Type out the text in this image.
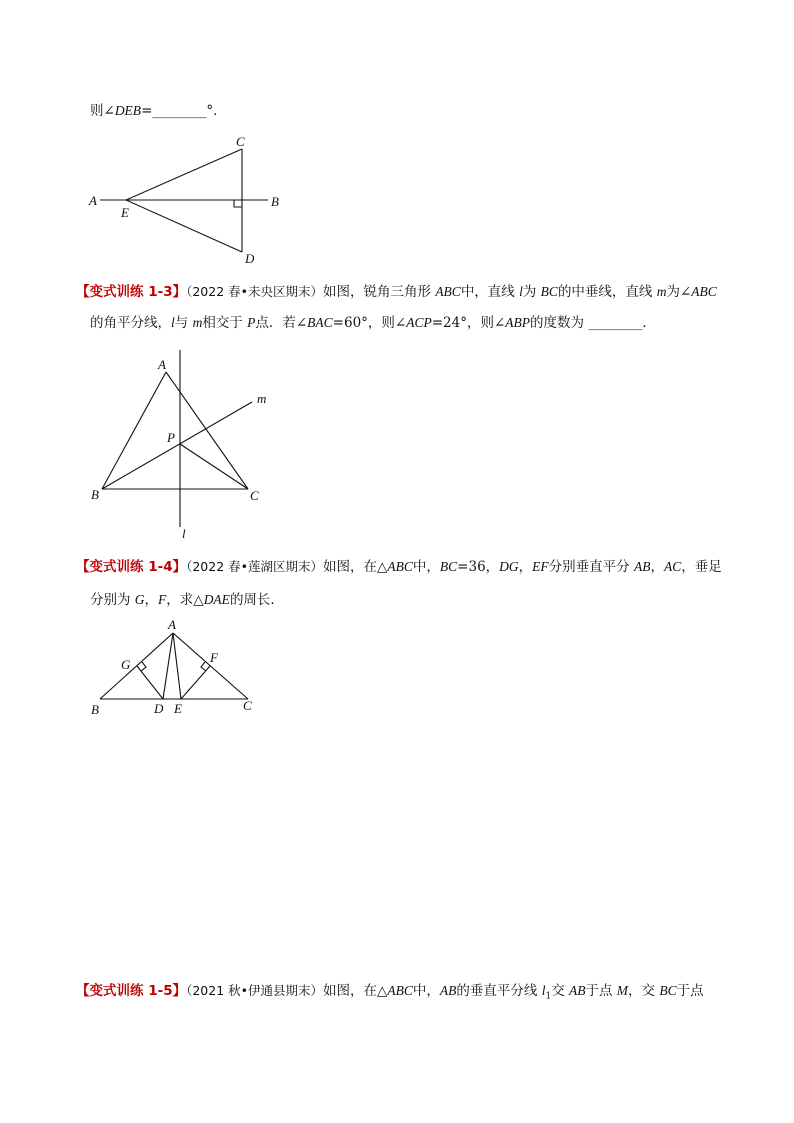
则∠DEB=________°．
A
E
B
C
D
【变式训练 1-3】（2022 春•未央区期末）如图，锐角三角形 ABC中，直线 l为 BC的中垂线，直线 m为∠ABC
的角平分线，l与 m相交于 P点．若∠BAC=60°，则∠ACP=24°，则∠ABP的度数为 ________．
A
m
P
B	C
l
【变式训练 1-4】（2022 春•莲湖区期末）如图，在△ABC中，BC=36，DG，EF分别垂直平分 AB，AC，垂足
分别为 G，F，求△DAE的周长．
A
G	F
B	D E	C
【变式训练 1-5】（2021 秋•伊通县期末）如图，在△ABC中，AB的垂直平分线 $l_1$交 AB于点 M，交 BC于点
